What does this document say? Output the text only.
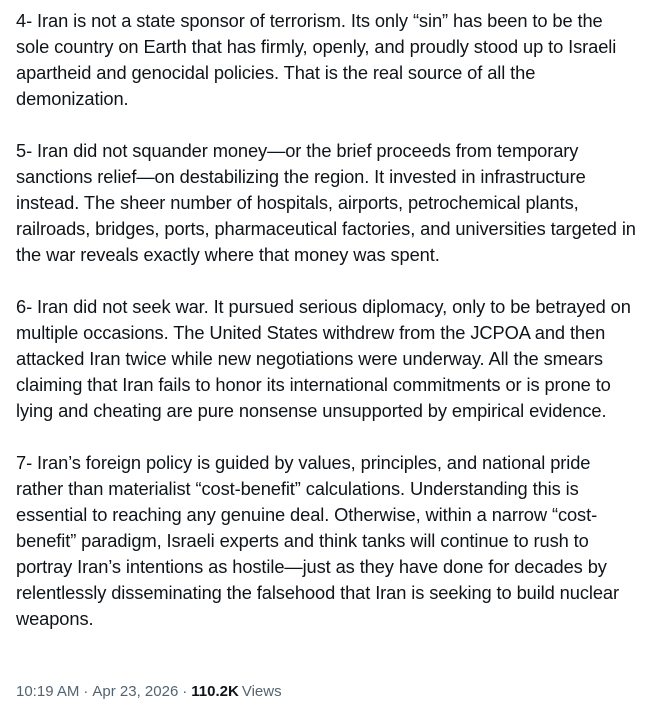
4- Iran is not a state sponsor of terrorism. Its only “sin” has been to be the sole country on Earth that has firmly, openly, and proudly stood up to Israeli apartheid and genocidal policies. That is the real source of all the demonization.

5- Iran did not squander money—or the brief proceeds from temporary sanctions relief—on destabilizing the region. It invested in infrastructure instead. The sheer number of hospitals, airports, petrochemical plants, railroads, bridges, ports, pharmaceutical factories, and universities targeted in the war reveals exactly where that money was spent.

6- Iran did not seek war. It pursued serious diplomacy, only to be betrayed on multiple occasions. The United States withdrew from the JCPOA and then attacked Iran twice while new negotiations were underway. All the smears claiming that Iran fails to honor its international commitments or is prone to lying and cheating are pure nonsense unsupported by empirical evidence.

7- Iran’s foreign policy is guided by values, principles, and national pride rather than materialist “cost-benefit” calculations. Understanding this is essential to reaching any genuine deal. Otherwise, within a narrow “cost-benefit” paradigm, Israeli experts and think tanks will continue to rush to portray Iran’s intentions as hostile—just as they have done for decades by relentlessly disseminating the falsehood that Iran is seeking to build nuclear weapons.

10:19 AM · Apr 23, 2026 · 110.2K Views
